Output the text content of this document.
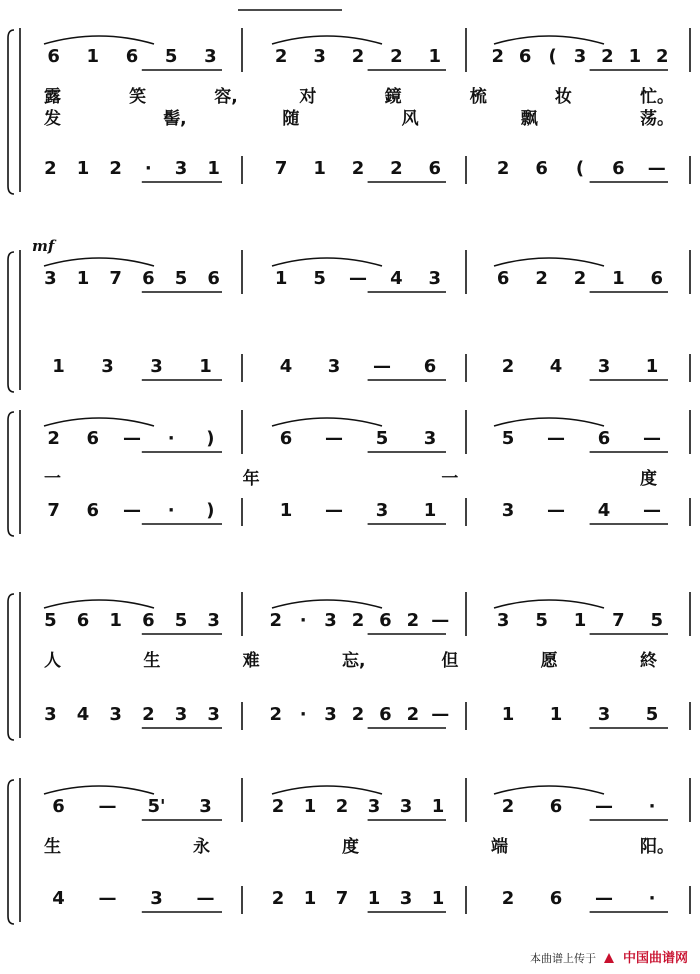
露	笑	容,	对	鏡	梳	妆	忙。
发	髻,	随	风	飘	荡。
一	年	一	度
人	生	难	忘,	但	愿	終
生	永	度	端	阳。
6 1 6 5 3	2 3 2 2 1	2 6 ( 3 2 1 2
2 1 2 · 3 1	7 1 2 2 6	2 6 ( 6 —
3 1 7 6 5 6	1 5 — 4 3	6 2 2 1 6
1 3 3 1	4 3 — 6	2 4 3 1
2 6 — · )	6 — 5 3	5 — 6 —
7 6 — · )	1 — 3 1	3 — 4 —
5 6 1 6 5 3	2 · 3 2 6 2 —	3 5 1 7 5
3 4 3 2 3 3	2 · 3 2 6 2 —	1 1 3 5
6 — 5' 3	2 1 2 3 3 1	2 6 — ·
4 — 3 —	2 1 7 1 3 1	2 6 — ·
mf
本曲谱上传于 中国曲谱网
